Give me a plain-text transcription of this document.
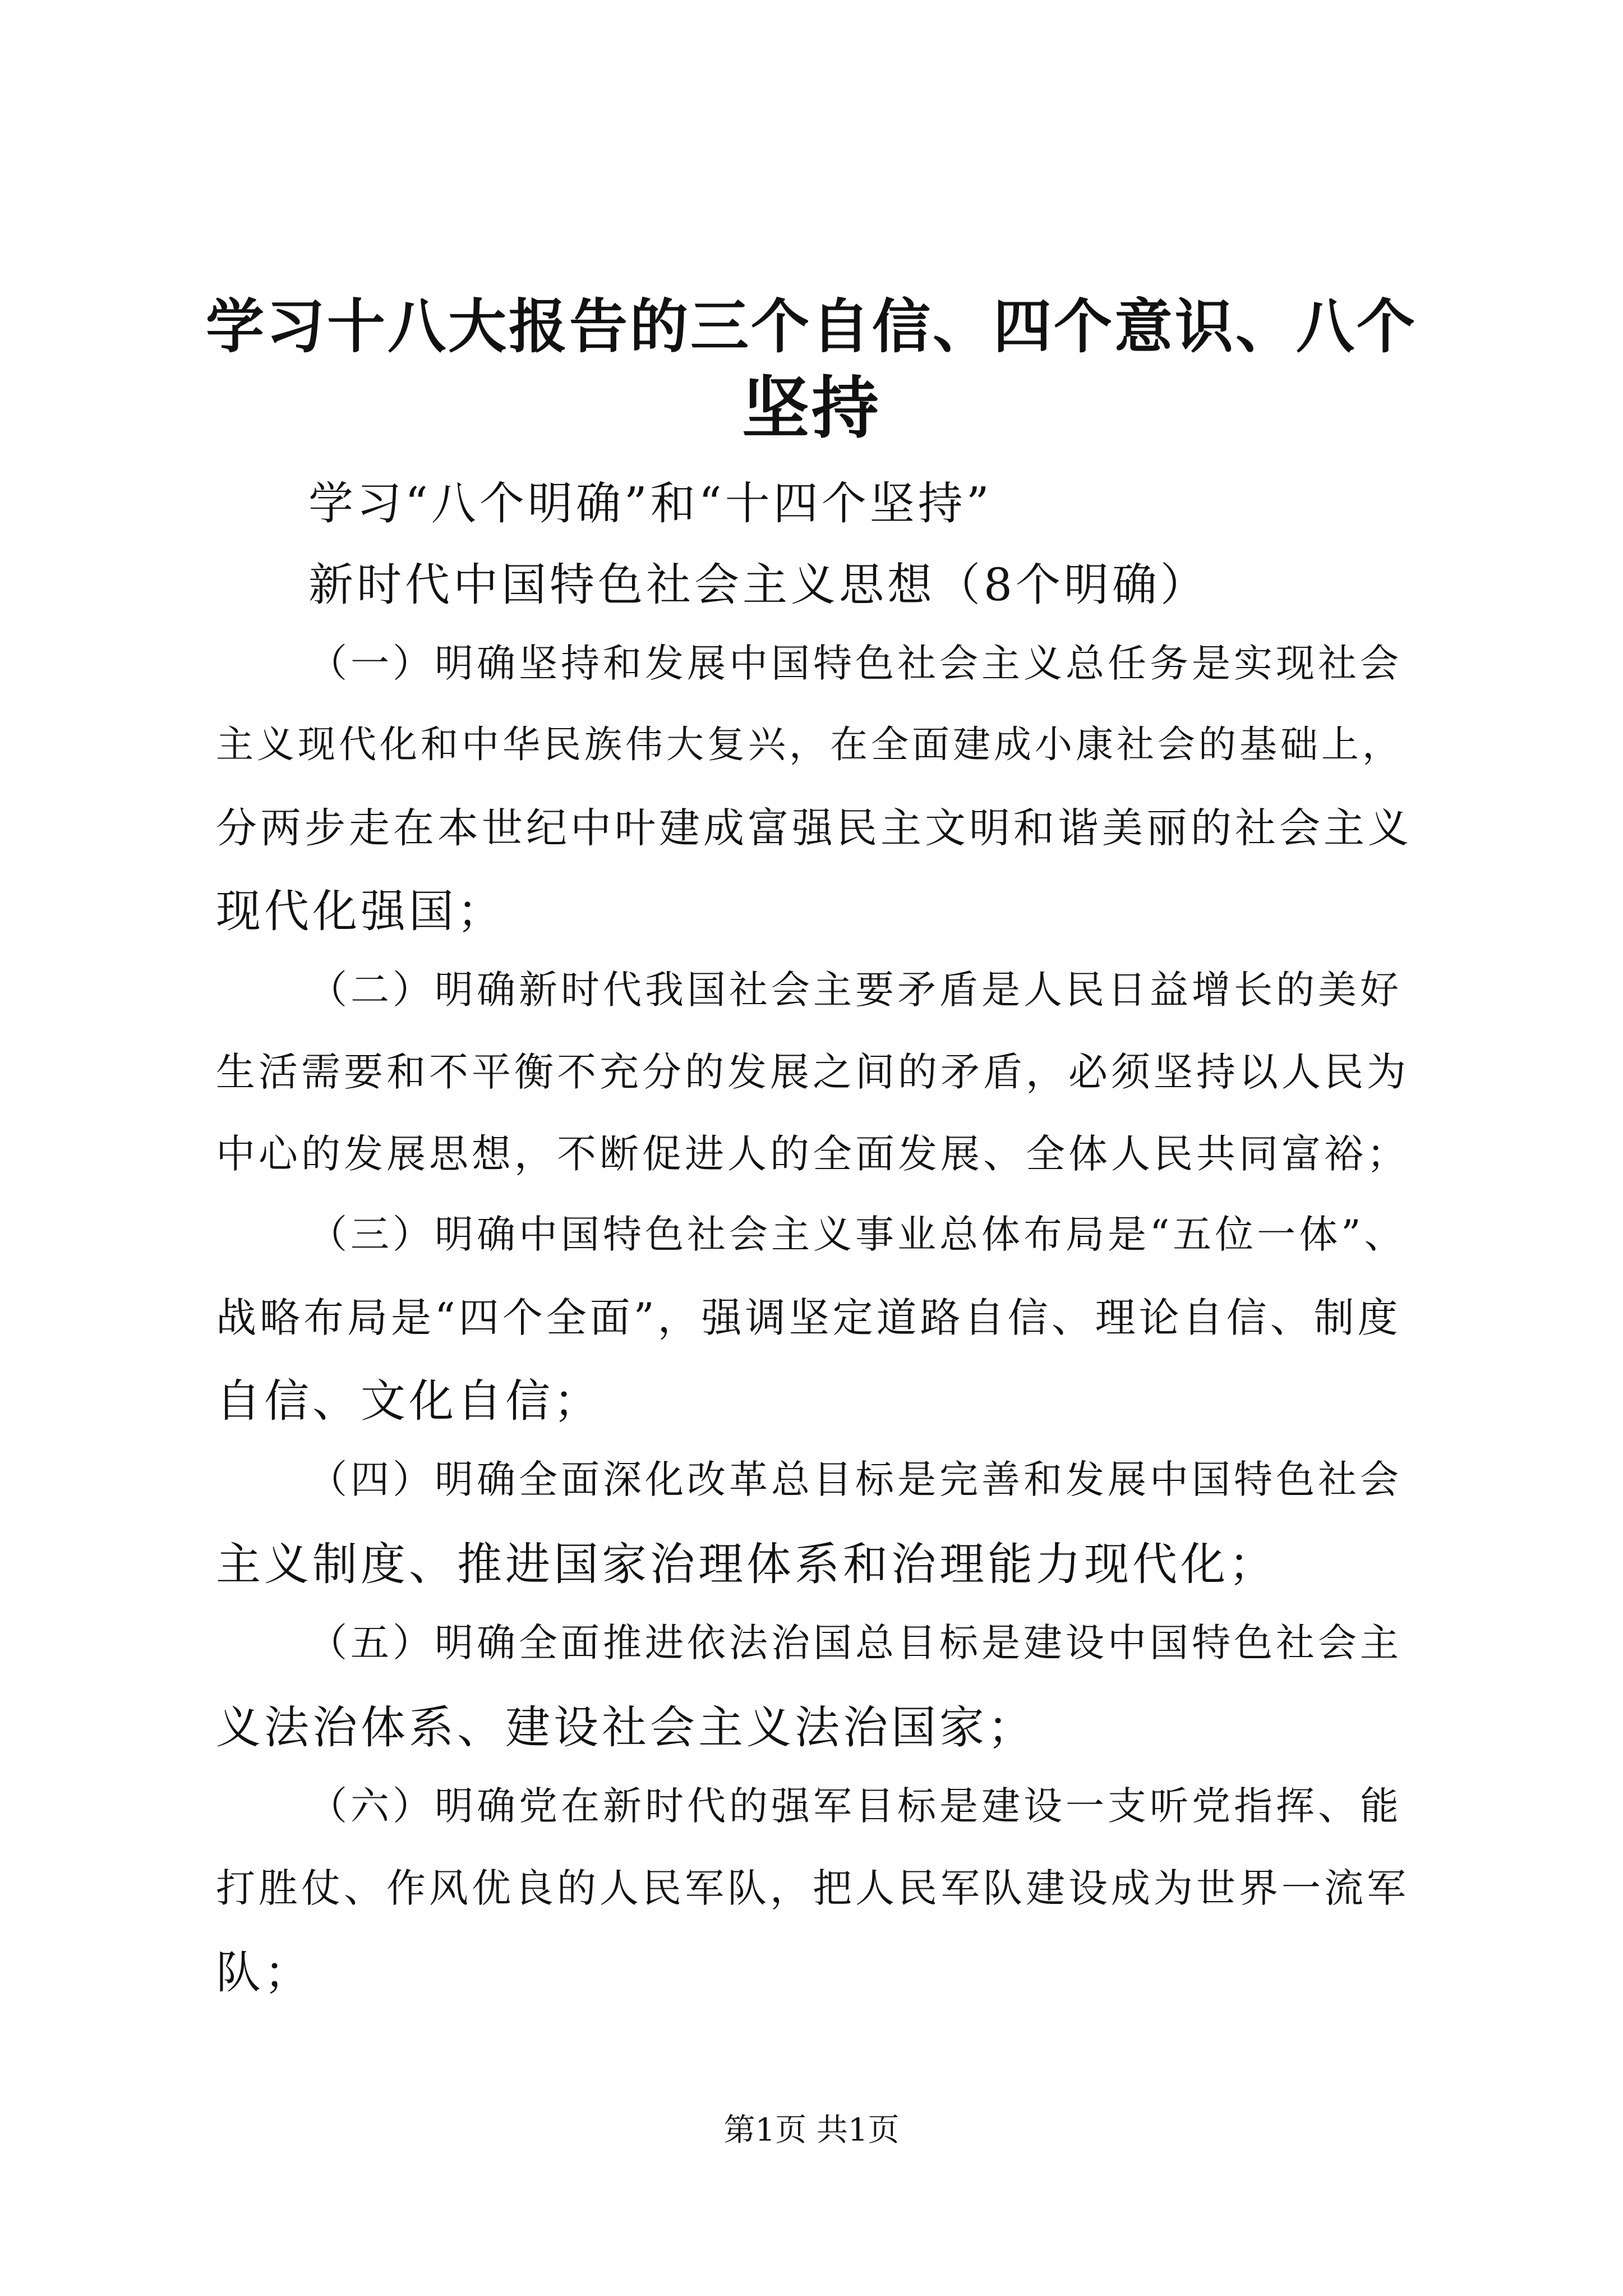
学习十八大报告的三个自信、四个意识、八个
坚持

学习“八个明确”和“十四个坚持”

新时代中国特色社会主义思想（8个明确）

（一）明确坚持和发展中国特色社会主义总任务是实现社会

主义现代化和中华民族伟大复兴，在全面建成小康社会的基础上，

分两步走在本世纪中叶建成富强民主文明和谐美丽的社会主义

现代化强国；

（二）明确新时代我国社会主要矛盾是人民日益增长的美好

生活需要和不平衡不充分的发展之间的矛盾，必须坚持以人民为

中心的发展思想，不断促进人的全面发展、全体人民共同富裕；

（三）明确中国特色社会主义事业总体布局是“五位一体”、

战略布局是“四个全面”，强调坚定道路自信、理论自信、制度

自信、文化自信；

（四）明确全面深化改革总目标是完善和发展中国特色社会

主义制度、推进国家治理体系和治理能力现代化；

（五）明确全面推进依法治国总目标是建设中国特色社会主

义法治体系、建设社会主义法治国家；

（六）明确党在新时代的强军目标是建设一支听党指挥、能

打胜仗、作风优良的人民军队，把人民军队建设成为世界一流军

队；

第1页 共1页
